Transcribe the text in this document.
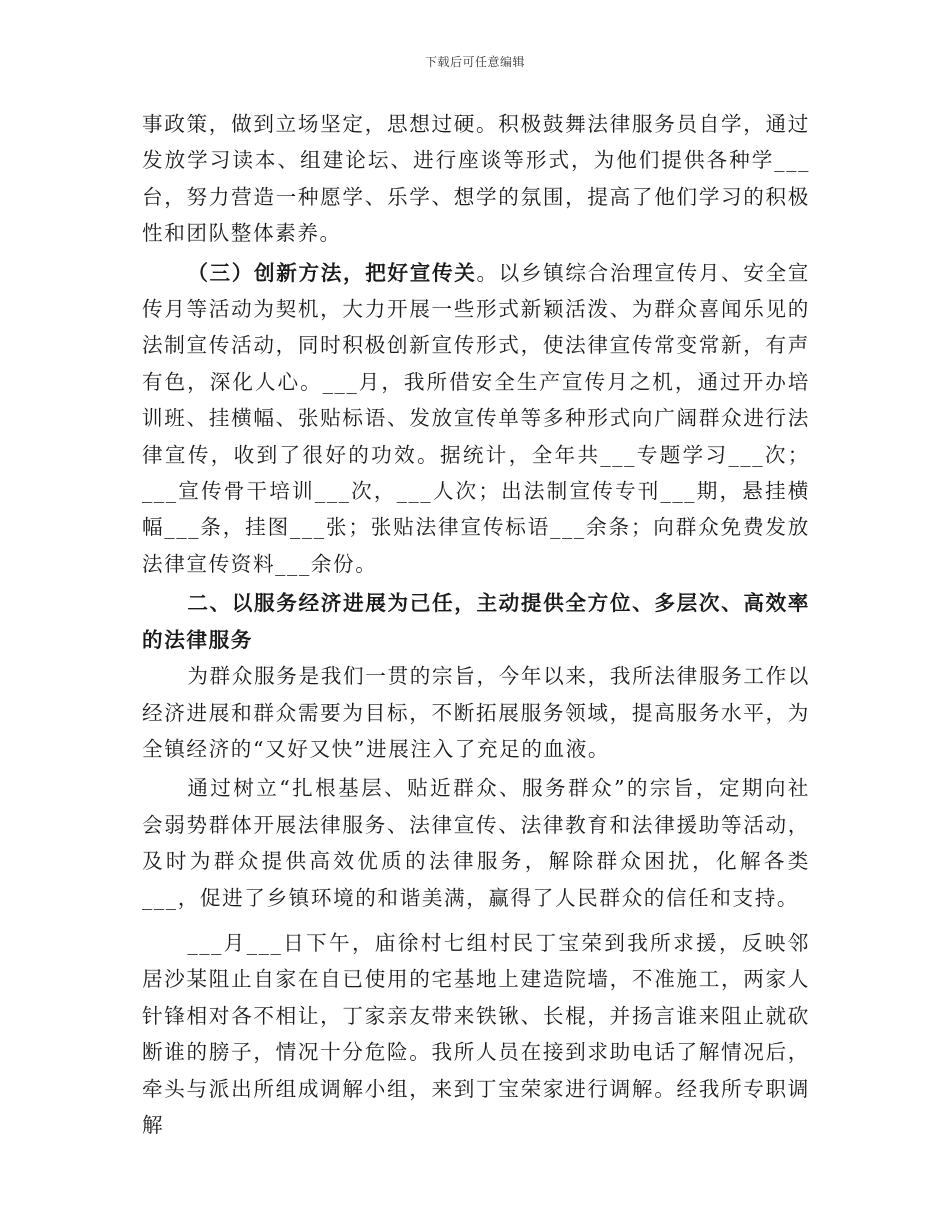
下载后可任意编辑

事政策，做到立场坚定，思想过硬。积极鼓舞法律服务员自学，通过发放学习读本、组建论坛、进行座谈等形式，为他们提供各种学___台，努力营造一种愿学、乐学、想学的氛围，提高了他们学习的积极性和团队整体素养。

（三）创新方法，把好宣传关。以乡镇综合治理宣传月、安全宣传月等活动为契机，大力开展一些形式新颖活泼、为群众喜闻乐见的法制宣传活动，同时积极创新宣传形式，使法律宣传常变常新，有声有色，深化人心。___月，我所借安全生产宣传月之机，通过开办培训班、挂横幅、张贴标语、发放宣传单等多种形式向广阔群众进行法律宣传，收到了很好的功效。据统计，全年共___专题学习___次；___宣传骨干培训___次，___人次；出法制宣传专刊___期，悬挂横幅___条，挂图___张；张贴法律宣传标语___余条；向群众免费发放法律宣传资料___余份。

二、以服务经济进展为己任，主动提供全方位、多层次、高效率的法律服务

为群众服务是我们一贯的宗旨，今年以来，我所法律服务工作以经济进展和群众需要为目标，不断拓展服务领域，提高服务水平，为全镇经济的“又好又快”进展注入了充足的血液。

通过树立“扎根基层、贴近群众、服务群众”的宗旨，定期向社会弱势群体开展法律服务、法律宣传、法律教育和法律援助等活动，及时为群众提供高效优质的法律服务，解除群众困扰，化解各类___，促进了乡镇环境的和谐美满，赢得了人民群众的信任和支持。

___月___日下午，庙徐村七组村民丁宝荣到我所求援，反映邻居沙某阻止自家在自已使用的宅基地上建造院墙，不准施工，两家人针锋相对各不相让，丁家亲友带来铁锹、长棍，并扬言谁来阻止就砍断谁的膀子，情况十分危险。我所人员在接到求助电话了解情况后，牵头与派出所组成调解小组，来到丁宝荣家进行调解。经我所专职调解
